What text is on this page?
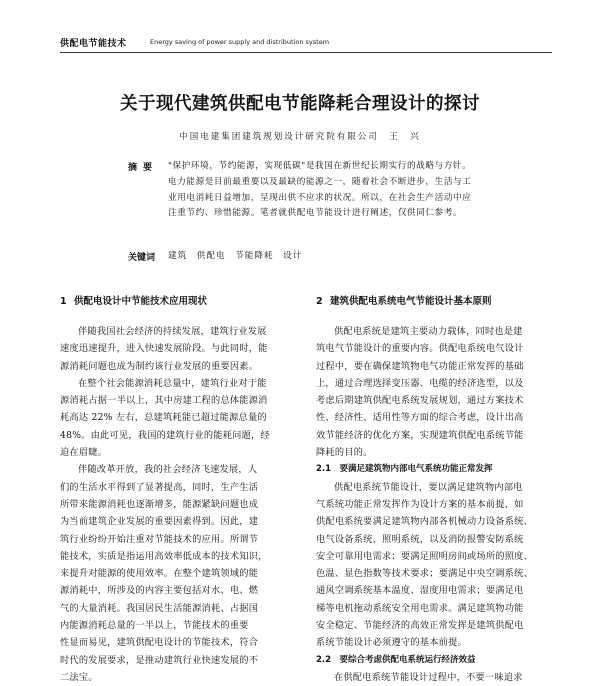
供配电节能技术	Energy saving of power supply and distribution system
关于现代建筑供配电节能降耗合理设计的探讨
中国电建集团建筑规划设计研究院有限公司　王　兴
摘要 "保护环境，节约能源，实现低碳"是我国在新世纪长期实行的战略与方针。
电力能源是目前最重要以及最缺的能源之一，随着社会不断进步，生活与工
业用电消耗日益增加，呈现出供不应求的状况。所以，在社会生产活动中应
注重节约、珍惜能源。笔者就供配电节能设计进行阐述，仅供同仁参考。
关键词 建筑　供配电　节能降耗　设计
1 供配电设计中节能技术应用现状
伴随我国社会经济的持续发展，建筑行业发展
速度迅速提升，进入快速发展阶段。与此同时，能
源消耗问题也成为制约该行业发展的重要因素。
在整个社会能源消耗总量中，建筑行业对于能
源消耗占据一半以上，其中房建工程的总体能源消
耗高达 22% 左右，总建筑耗能已超过能源总量的
48%。由此可见，我国的建筑行业的能耗问题，经
迫在眉睫。
伴随改革开放，我的社会经济飞速发展，人
们的生活水平得到了显著提高，同时，生产生活
所带来能源消耗也逐渐增多，能源紧缺问题也成
为当前建筑企业发展的重要因素得到。因此，建
筑行业纷纷开始注重对节能技术的应用。所谓节
能技术，实质是指运用高效率低成本的技术知识，
来提升对能源的使用效率。在整个建筑领域的能
源消耗中，所涉及的内容主要包括对水、电、燃
气的大量消耗。我国居民生活能源消耗、占据国
内能源消耗总量的一半以上，节能技术的重要
性显而易见，建筑供配电设计的节能技术，符合
时代的发展要求，是推动建筑行业快速发展的不
二法宝。
2 建筑供配电系统电气节能设计基本原则
供配电系统是建筑主要动力载体，同时也是建
筑电气节能设计的重要内容。供配电系统电气设计
过程中，要在确保建筑物电气功能正常发挥的基础
上，通过合理选择变压器、电缆的经济选型，以及
考虑后期建筑供配电系统发展规划，通过方案技术
性、经济性、适用性等方面的综合考虑，设计出高
效节能经济的优化方案，实现建筑供配电系统节能
降耗的目的。
2.1　要满足建筑物内部电气系统功能正常发挥
供配电系统节能设计，要以满足建筑物内部电
气系统功能正常发挥作为设计方案的基本前提，如
供配电系统要满足建筑物内部各机械动力设备系统、
电气设备系统、照明系统，以及消防报警安防系统
安全可靠用电需求；要满足照明房间或场所的照度、
色温、显色指数等技术要求；要满足中央空调系统、
通风空调系统基本温度、湿度用电需求；要满足电
梯等电机拖动系统安全用电需求。满足建筑物功能
安全稳定、节能经济的高效正常发挥是建筑供配电
系统节能设计必须遵守的基本前提。
2.2　要综合考虑供配电系统运行经济效益
在供配电系统节能设计过程中，不要一味追求
